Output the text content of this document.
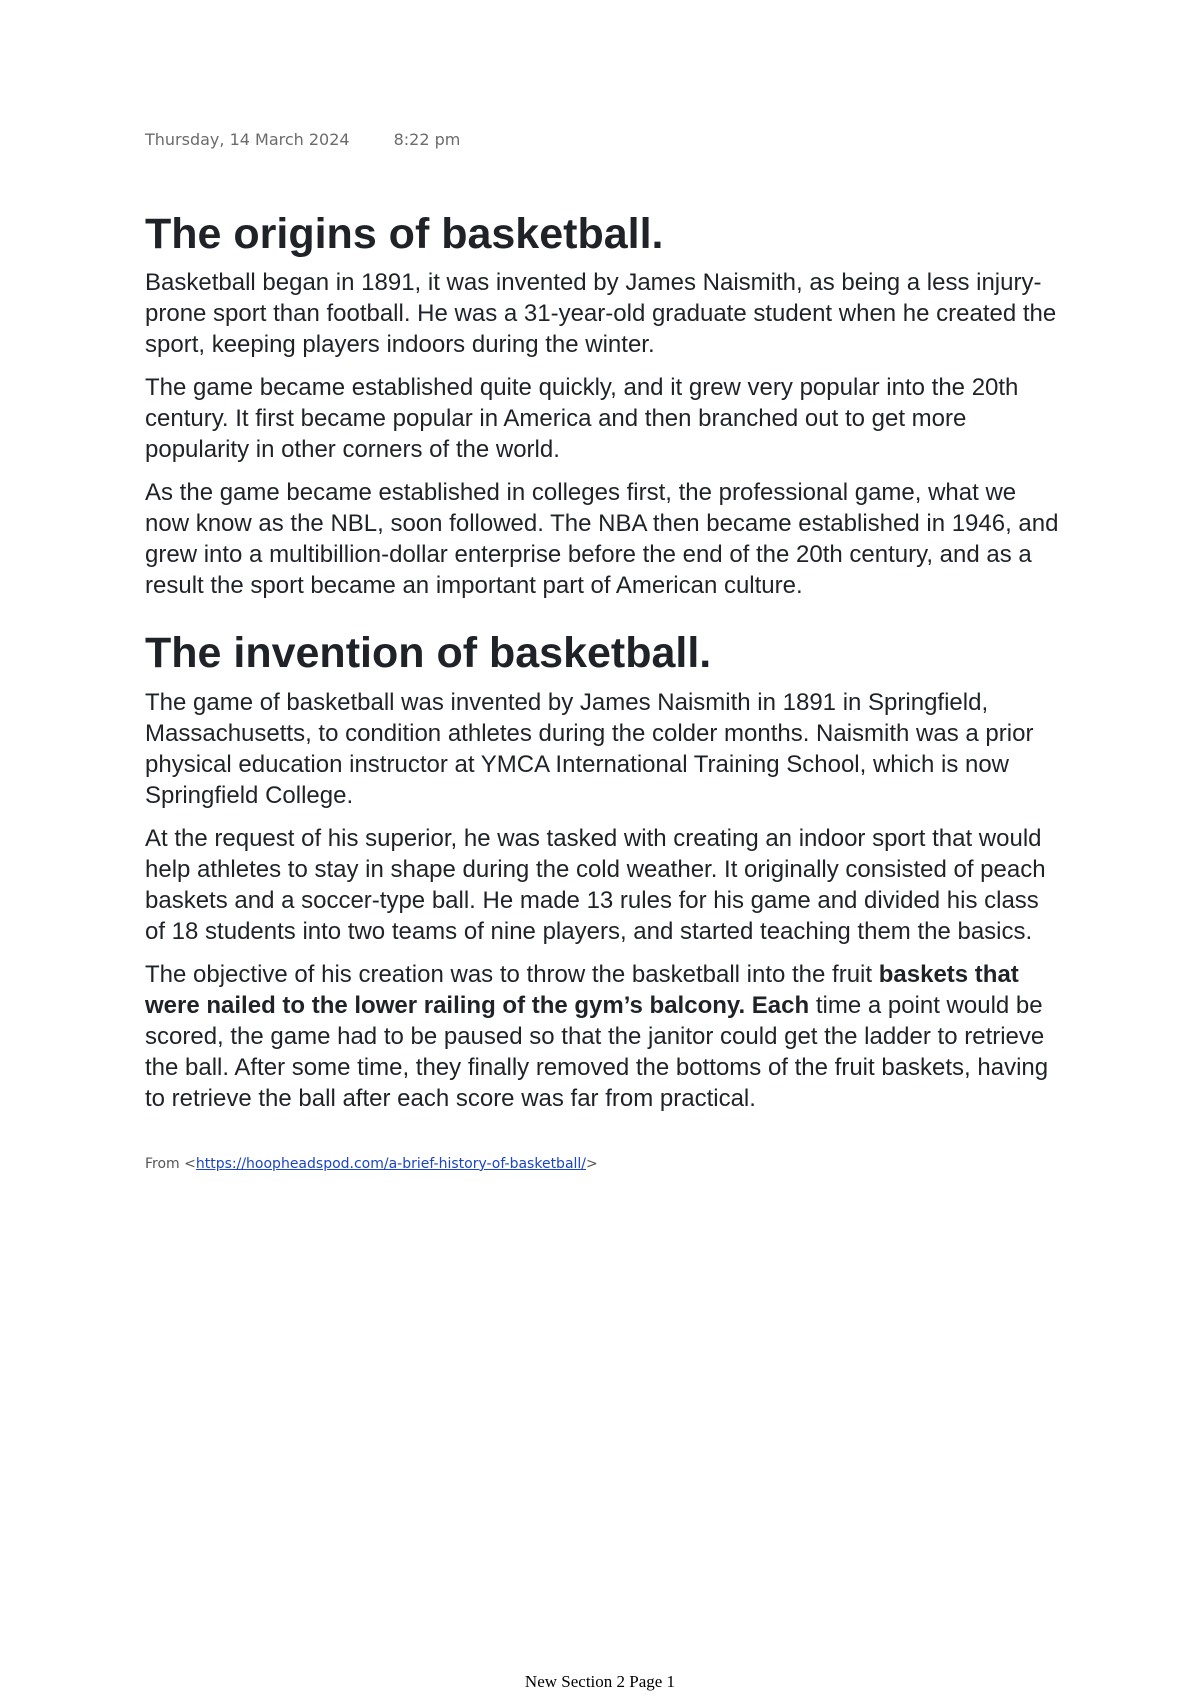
Thursday, 14 March 2024	8:22 pm
The origins of basketball.

Basketball began in 1891, it was invented by James Naismith, as being a less injury-prone sport than football. He was a 31-year-old graduate student when he created the sport, keeping players indoors during the winter.

The game became established quite quickly, and it grew very popular into the 20th century. It first became popular in America and then branched out to get more popularity in other corners of the world.

As the game became established in colleges first, the professional game, what we now know as the NBL, soon followed. The NBA then became established in 1946, and grew into a multibillion-dollar enterprise before the end of the 20th century, and as a result the sport became an important part of American culture.

The invention of basketball.

The game of basketball was invented by James Naismith in 1891 in Springfield, Massachusetts, to condition athletes during the colder months. Naismith was a prior physical education instructor at YMCA International Training School, which is now Springfield College.

At the request of his superior, he was tasked with creating an indoor sport that would help athletes to stay in shape during the cold weather. It originally consisted of peach baskets and a soccer-type ball. He made 13 rules for his game and divided his class of 18 students into two teams of nine players, and started teaching them the basics.

The objective of his creation was to throw the basketball into the fruit baskets that were nailed to the lower railing of the gym’s balcony. Each time a point would be scored, the game had to be paused so that the janitor could get the ladder to retrieve the ball. After some time, they finally removed the bottoms of the fruit baskets, having to retrieve the ball after each score was far from practical.

From <https://hoopheadspod.com/a-brief-history-of-basketball/>
New Section 2 Page 1
